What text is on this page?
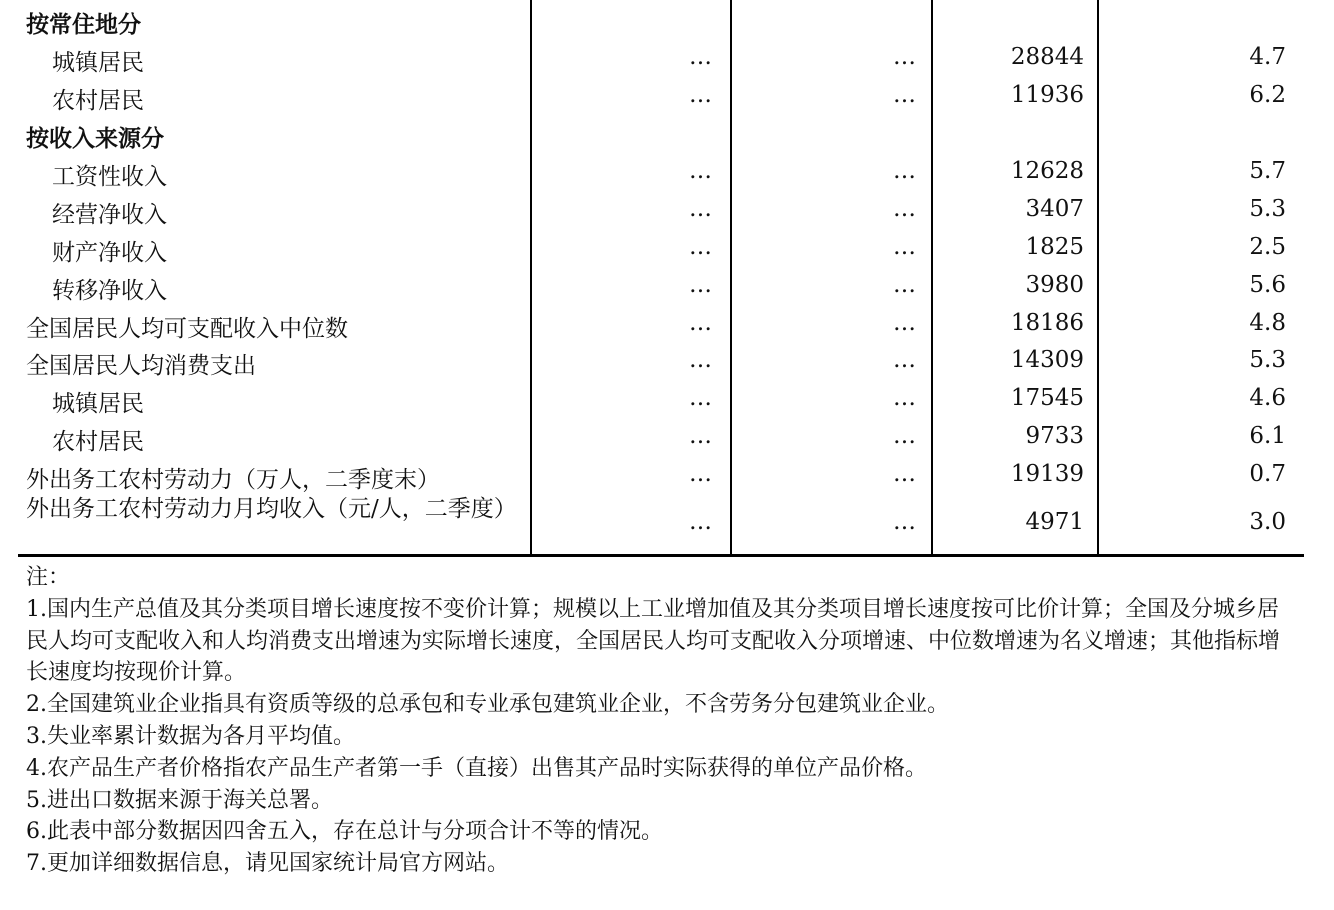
按常住地分
城镇居民	…	…	28844	4.7
农村居民	…	…	11936	6.2
按收入来源分
工资性收入	…	…	12628	5.7
经营净收入	…	…	3407	5.3
财产净收入	…	…	1825	2.5
转移净收入	…	…	3980	5.6
全国居民人均可支配收入中位数	…	…	18186	4.8
全国居民人均消费支出	…	…	14309	5.3
城镇居民	…	…	17545	4.6
农村居民	…	…	9733	6.1
外出务工农村劳动力（万人，二季度末）	…	…	19139	0.7
外出务工农村劳动力月均收入（元/人，二季度）	…	…	4971	3.0
注：
1.国内生产总值及其分类项目增长速度按不变价计算；规模以上工业增加值及其分类项目增长速度按可比价计算；全国及分城乡居民人均可支配收入和人均消费支出增速为实际增长速度，全国居民人均可支配收入分项增速、中位数增速为名义增速；其他指标增长速度均按现价计算。
2.全国建筑业企业指具有资质等级的总承包和专业承包建筑业企业，不含劳务分包建筑业企业。
3.失业率累计数据为各月平均值。
4.农产品生产者价格指农产品生产者第一手（直接）出售其产品时实际获得的单位产品价格。
5.进出口数据来源于海关总署。
6.此表中部分数据因四舍五入，存在总计与分项合计不等的情况。
7.更加详细数据信息，请见国家统计局官方网站。
